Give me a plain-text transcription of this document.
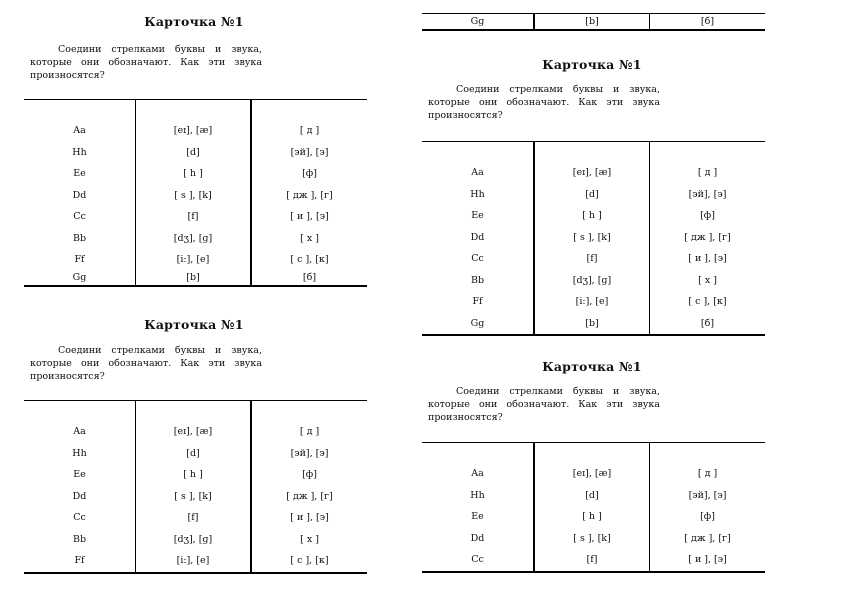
Карточка №1
Соедини стрелками буквы и звука, которые они обозначают. Как эти звука произносятся?

Aa	[eɪ], [æ]	[ д ]
Hh	[d]	[эй], [э]
Ee	[ h ]	[ф]
Dd	[ s ], [k]	[ дж ], [г]
Cc	[f]	[ и ], [э]
Bb	[dʒ], [ɡ]	[ х ]
Ff	[i:], [e]	[ с ], [к]
Gg	[b]	[б]
Карточка №1
Соедини стрелками буквы и звука, которые они обозначают. Как эти звука произносятся?

Aa	[eɪ], [æ]	[ д ]
Hh	[d]	[эй], [э]
Ee	[ h ]	[ф]
Dd	[ s ], [k]	[ дж ], [г]
Cc	[f]	[ и ], [э]
Bb	[dʒ], [ɡ]	[ х ]
Ff	[i:], [e]	[ с ], [к]
Gg	[b]	[б]
Карточка №1
Соедини стрелками буквы и звука, которые они обозначают. Как эти звука произносятся?

Aa	[eɪ], [æ]	[ д ]
Hh	[d]	[эй], [э]
Ee	[ h ]	[ф]
Dd	[ s ], [k]	[ дж ], [г]
Cc	[f]	[ и ], [э]
Bb	[dʒ], [ɡ]	[ х ]
Ff	[i:], [e]	[ с ], [к]
Gg	[b]	[б]
Карточка №1
Соедини стрелками буквы и звука, которые они обозначают. Как эти звука произносятся?

Aa	[eɪ], [æ]	[ д ]
Hh	[d]	[эй], [э]
Ee	[ h ]	[ф]
Dd	[ s ], [k]	[ дж ], [г]
Cc	[f]	[ и ], [э]
